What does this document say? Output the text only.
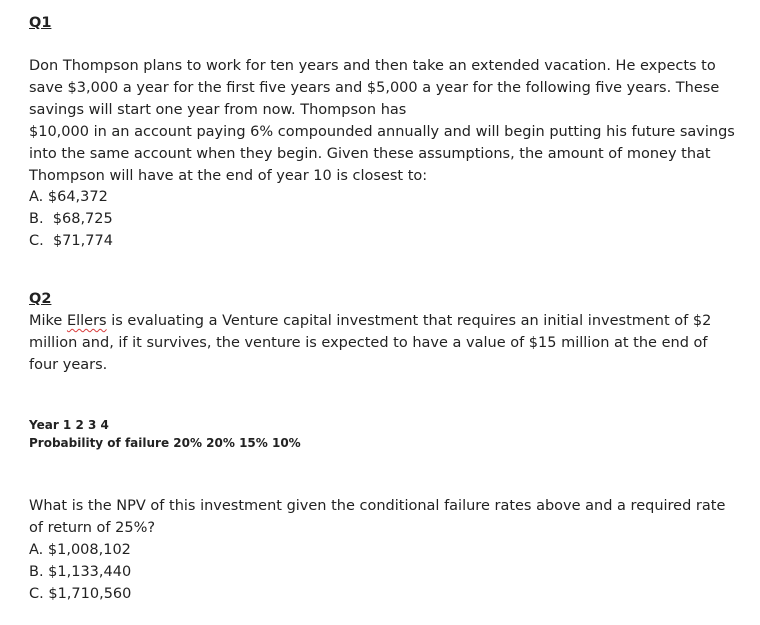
Q1

Don Thompson plans to work for ten years and then take an extended vacation. He expects to
save $3,000 a year for the first five years and $5,000 a year for the following five years. These
savings will start one year from now. Thompson has
$10,000 in an account paying 6% compounded annually and will begin putting his future savings
into the same account when they begin. Given these assumptions, the amount of money that
Thompson will have at the end of year 10 is closest to:

A. $64,372
B.  $68,725
C.  $71,774
Q2

Mike Ellers is evaluating a Venture capital investment that requires an initial investment of $2
million and, if it survives, the venture is expected to have a value of $15 million at the end of
four years.

Year 1 2 3 4
Probability of failure 20% 20% 15% 10%

What is the NPV of this investment given the conditional failure rates above and a required rate
of return of 25%?

A. $1,008,102
B. $1,133,440
C. $1,710,560
